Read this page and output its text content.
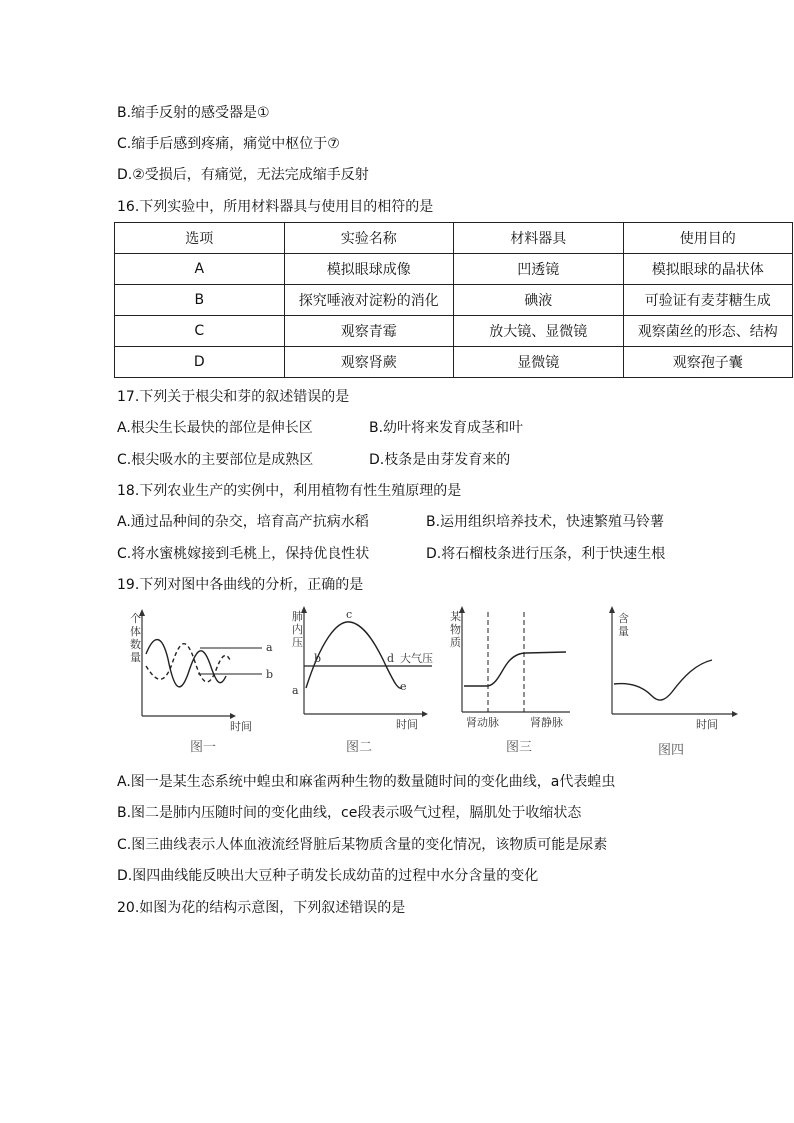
B.缩手反射的感受器是①
C.缩手后感到疼痛，痛觉中枢位于⑦
D.②受损后，有痛觉，无法完成缩手反射
16.下列实验中，所用材料器具与使用目的相符的是
选项	实验名称	材料器具	使用目的
A	模拟眼球成像	凹透镜	模拟眼球的晶状体
B	探究唾液对淀粉的消化	碘液	可验证有麦芽糖生成
C	观察青霉	放大镜、显微镜	观察菌丝的形态、结构
D	观察肾蕨	显微镜	观察孢子囊
17.下列关于根尖和芽的叙述错误的是
A.根尖生长最快的部位是伸长区	B.幼叶将来发育成茎和叶
C.根尖吸水的主要部位是成熟区	D.枝条是由芽发育来的
18.下列农业生产的实例中，利用植物有性生殖原理的是
A.通过品种间的杂交，培育高产抗病水稻	B.运用组织培养技术，快速繁殖马铃薯
C.将水蜜桃嫁接到毛桃上，保持优良性状	D.将石榴枝条进行压条，利于快速生根
19.下列对图中各曲线的分析，正确的是
个
体
数
量
a
b
时间
图一
肺
内
压
a
b
c
d
e
大气压
时间
图二
某
物
质
肾动脉	肾静脉
图三
含
量
时间
图四
A.图一是某生态系统中蝗虫和麻雀两种生物的数量随时间的变化曲线，a代表蝗虫
B.图二是肺内压随时间的变化曲线，ce段表示吸气过程，膈肌处于收缩状态
C.图三曲线表示人体血液流经肾脏后某物质含量的变化情况，该物质可能是尿素
D.图四曲线能反映出大豆种子萌发长成幼苗的过程中水分含量的变化
20.如图为花的结构示意图，下列叙述错误的是
